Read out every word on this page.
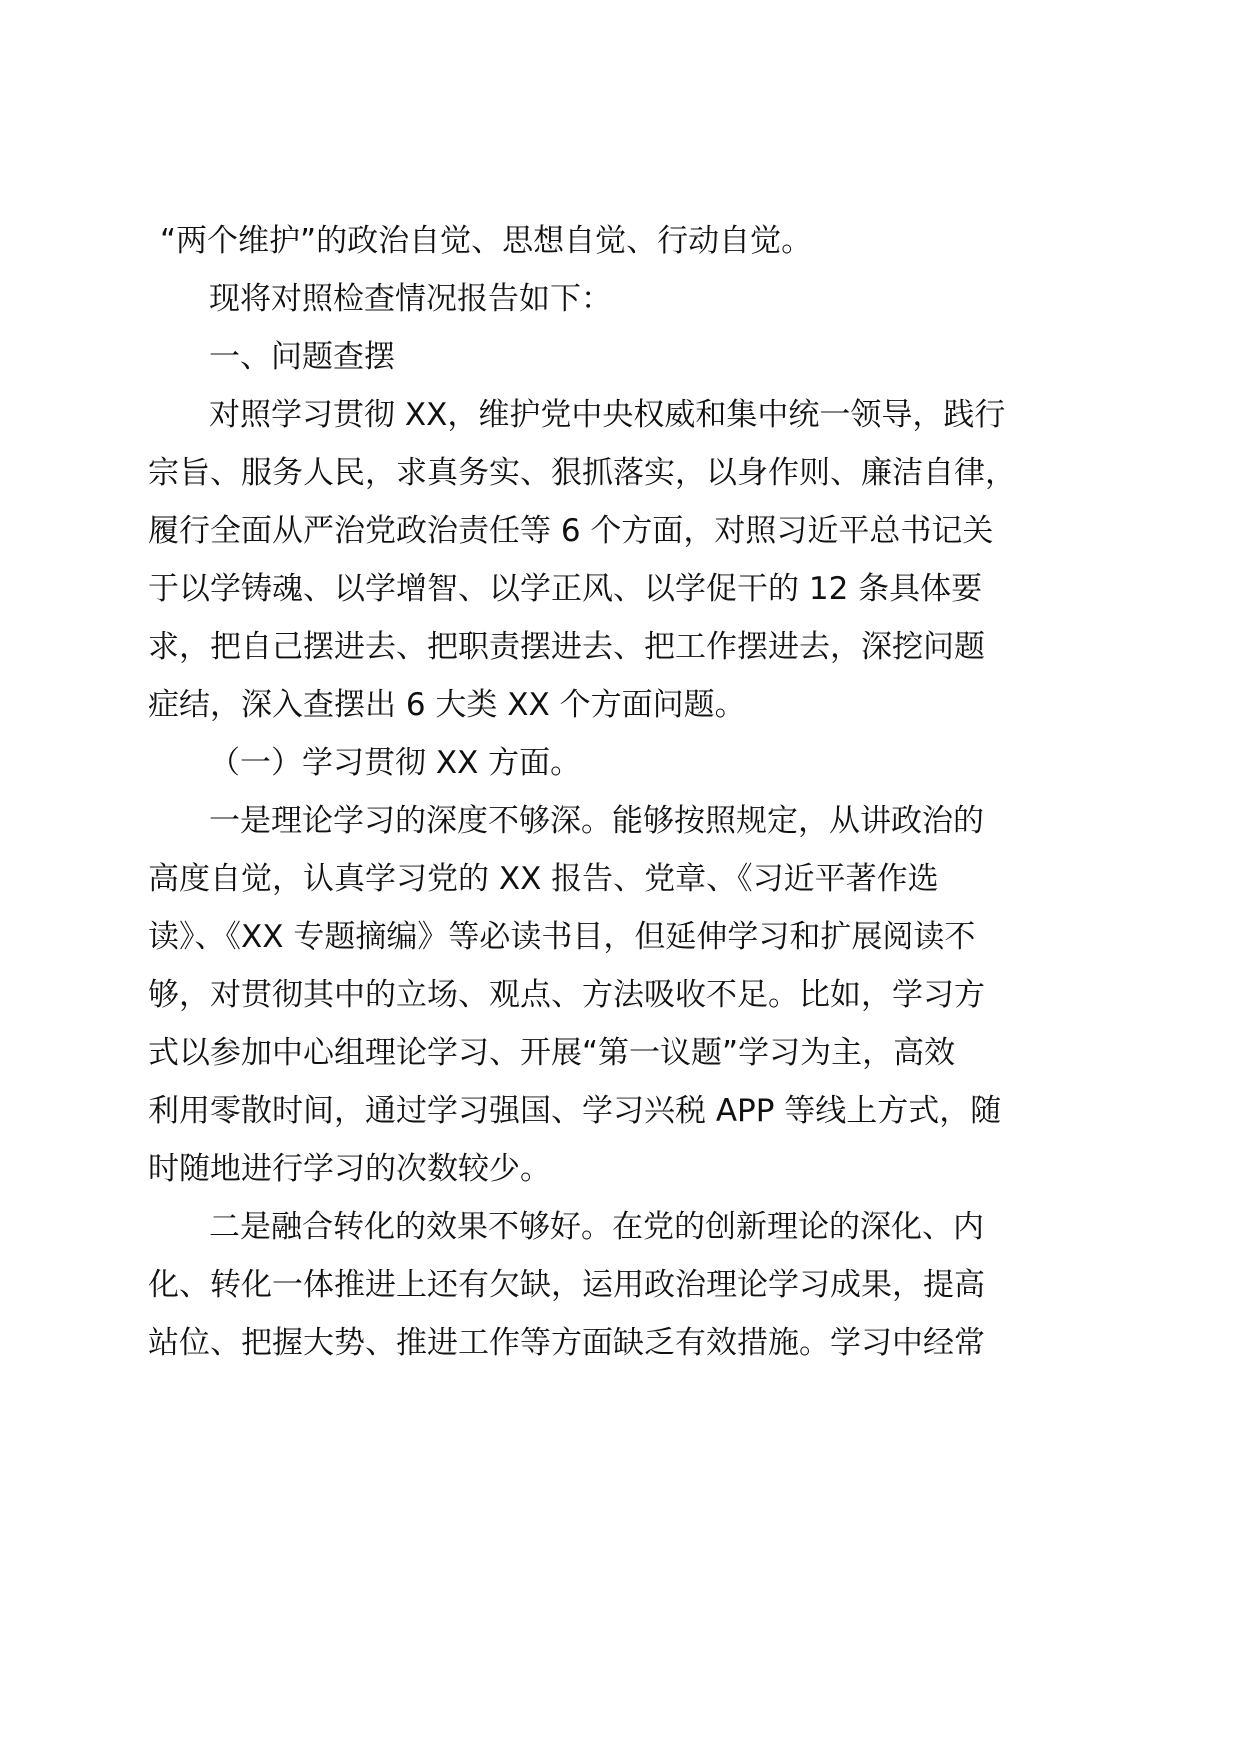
“两个维护”的政治自觉、思想自觉、行动自觉。
现将对照检查情况报告如下：
一、问题查摆
对照学习贯彻 XX，维护党中央权威和集中统一领导，践行
宗旨、服务人民，求真务实、狠抓落实，以身作则、廉洁自律，
履行全面从严治党政治责任等 6 个方面，对照习近平总书记关
于以学铸魂、以学增智、以学正风、以学促干的 12 条具体要
求，把自己摆进去、把职责摆进去、把工作摆进去，深挖问题
症结，深入查摆出 6 大类 XX 个方面问题。
（一）学习贯彻 XX 方面。
一是理论学习的深度不够深。能够按照规定，从讲政治的
高度自觉，认真学习党的 XX 报告、党章、《习近平著作选
读》、《XX 专题摘编》等必读书目，但延伸学习和扩展阅读不
够，对贯彻其中的立场、观点、方法吸收不足。比如，学习方
式以参加中心组理论学习、开展“第一议题”学习为主，高效
利用零散时间，通过学习强国、学习兴税 APP 等线上方式，随
时随地进行学习的次数较少。
二是融合转化的效果不够好。在党的创新理论的深化、内
化、转化一体推进上还有欠缺，运用政治理论学习成果，提高
站位、把握大势、推进工作等方面缺乏有效措施。学习中经常
